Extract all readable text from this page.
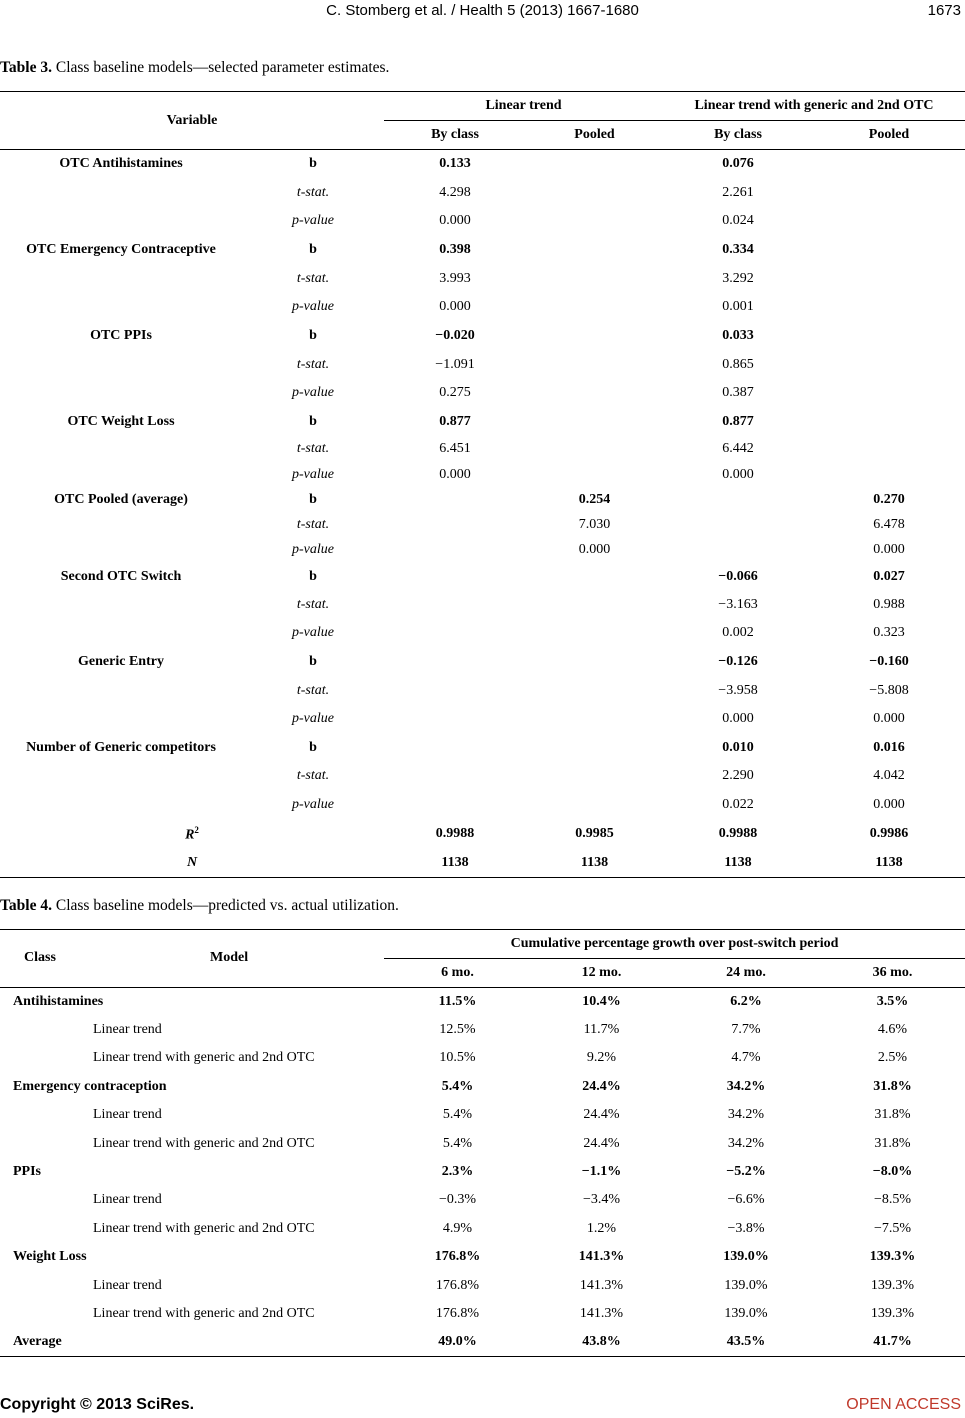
C. Stomberg et al. / Health 5 (2013) 1667-1680	1673
Table 3. Class baseline models—selected parameter estimates.
Variable		Linear trend		Linear trend with generic and 2nd OTC	
		By class	Pooled	By class	Pooled
OTC Antihistamines	b	0.133		0.076	
	t-stat.	4.298		2.261	
	p-value	0.000		0.024	
OTC Emergency Contraceptive	b	0.398		0.334	
	t-stat.	3.993		3.292	
	p-value	0.000		0.001	
OTC PPIs	b	−0.020		0.033	
	t-stat.	−1.091		0.865	
	p-value	0.275		0.387	
OTC Weight Loss	b	0.877		0.877	
	t-stat.	6.451		6.442	
	p-value	0.000		0.000	
OTC Pooled (average)	b		0.254		0.270
	t-stat.		7.030		6.478
	p-value		0.000		0.000
Second OTC Switch	b			−0.066	0.027
	t-stat.			−3.163	0.988
	p-value			0.002	0.323
Generic Entry	b			−0.126	−0.160
	t-stat.			−3.958	−5.808
	p-value			0.000	0.000
Number of Generic competitors	b			0.010	0.016
	t-stat.			2.290	4.042
	p-value			0.022	0.000
$R^2$		0.9988	0.9985	0.9988	0.9986
N		1138	1138	1138	1138
Table 4. Class baseline models—predicted vs. actual utilization.
Class Model	Cumulative percentage growth over post-switch period			
	6 mo.	12 mo.	24 mo.	36 mo.
Antihistamines	11.5%	10.4%	6.2%	3.5%
Linear trend	12.5%	11.7%	7.7%	4.6%
Linear trend with generic and 2nd OTC	10.5%	9.2%	4.7%	2.5%
Emergency contraception	5.4%	24.4%	34.2%	31.8%
Linear trend	5.4%	24.4%	34.2%	31.8%
Linear trend with generic and 2nd OTC	5.4%	24.4%	34.2%	31.8%
PPIs	2.3%	−1.1%	−5.2%	−8.0%
Linear trend	−0.3%	−3.4%	−6.6%	−8.5%
Linear trend with generic and 2nd OTC	4.9%	1.2%	−3.8%	−7.5%
Weight Loss	176.8%	141.3%	139.0%	139.3%
Linear trend	176.8%	141.3%	139.0%	139.3%
Linear trend with generic and 2nd OTC	176.8%	141.3%	139.0%	139.3%
Average	49.0%	43.8%	43.5%	41.7%
Copyright © 2013 SciRes.	OPEN ACCESS
